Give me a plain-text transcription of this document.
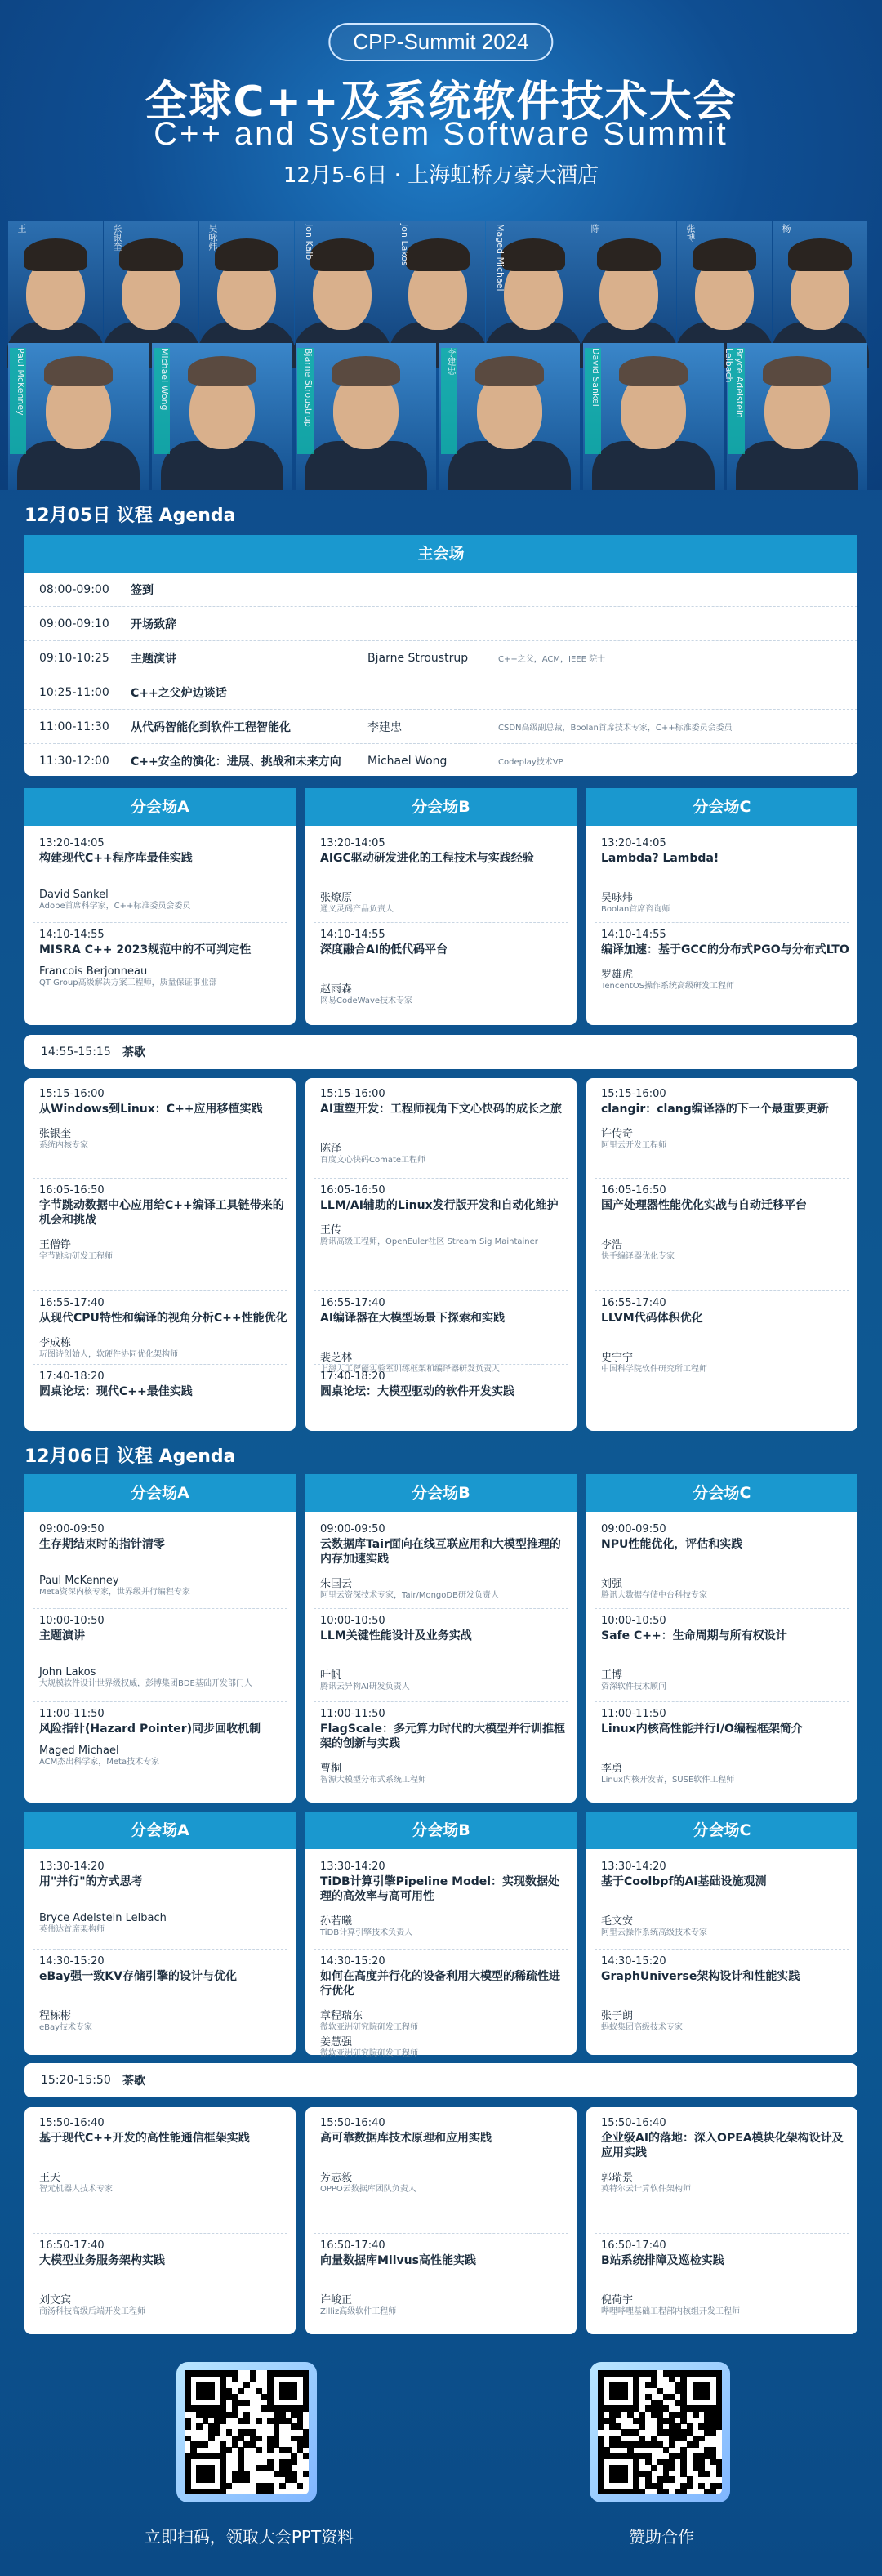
CPP-Summit 2024
全球C++及系统软件技术大会
C++ and System Software Summit
12月5-6日 · 上海虹桥万豪大酒店
王	张银奎	吴咏炜	Jon Kalb	Jon Lakos	Maged Michael	陈	张博	杨
Paul McKenney	Michael Wong	Bjarne Stroustrup	李建忠	David Sankel	Bryce Adelstein Lelbach
12月05日 议程 Agenda
主会场
08:00-09:00	签到
09:00-09:10	开场致辞
09:10-10:25	主题演讲	Bjarne Stroustrup	C++之父，ACM，IEEE 院士
10:25-11:00	C++之父炉边谈话
11:00-11:30	从代码智能化到软件工程智能化	李建忠	CSDN高级副总裁，Boolan首席技术专家，C++标准委员会委员
11:30-12:00	C++安全的演化：进展、挑战和未来方向	Michael Wong	Codeplay技术VP
分会场A
13:20-14:05
构建现代C++程序库最佳实践
David Sankel
Adobe首席科学家，C++标准委员会委员
14:10-14:55
MISRA C++ 2023规范中的不可判定性
Francois Berjonneau
QT Group高级解决方案工程师，质量保证事业部
分会场B
13:20-14:05
AIGC驱动研发进化的工程技术与实践经验
张燎原
通义灵码产品负责人
14:10-14:55
深度融合AI的低代码平台
赵雨森
网易CodeWave技术专家
分会场C
13:20-14:05
Lambda? Lambda!
吴咏炜
Boolan首席咨询师
14:10-14:55
编译加速：基于GCC的分布式PGO与分布式LTO
罗雄虎
TencentOS操作系统高级研发工程师
14:55-15:15	茶歇
15:15-16:00
从Windows到Linux：C++应用移植实践
张银奎
系统内核专家
16:05-16:50
字节跳动数据中心应用给C++编译工具链带来的机会和挑战
王僧铮
字节跳动研发工程师
16:55-17:40
从现代CPU特性和编译的视角分析C++性能优化
李成栋
玩图诗创始人，软硬件协同优化架构师
17:40-18:20
圆桌论坛：现代C++最佳实践
15:15-16:00
AI重塑开发：工程师视角下文心快码的成长之旅
陈泽
百度文心快码Comate工程师
16:05-16:50
LLM/AI辅助的Linux发行版开发和自动化维护
王传
腾讯高级工程师，OpenEuler社区 Stream Sig Maintainer
16:55-17:40
AI编译器在大模型场景下探索和实践
裴芝林
上海人工智能实验室训练框架和编译器研发负责人
17:40-18:20
圆桌论坛：大模型驱动的软件开发实践
15:15-16:00
clangir：clang编译器的下一个最重要更新
许传奇
阿里云开发工程师
16:05-16:50
国产处理器性能优化实战与自动迁移平台
李浩
快手编译器优化专家
16:55-17:40
LLVM代码体积优化
史宁宁
中国科学院软件研究所工程师
12月06日 议程 Agenda
分会场A
09:00-09:50
生存期结束时的指针清零
Paul McKenney
Meta资深内核专家，世界级并行编程专家
10:00-10:50
主题演讲
John Lakos
大规模软件设计世界级权威，彭博集团BDE基础开发部门人
11:00-11:50
风险指针(Hazard Pointer)同步回收机制
Maged Michael
ACM杰出科学家，Meta技术专家
分会场B
09:00-09:50
云数据库Tair面向在线互联应用和大模型推理的内存加速实践
朱国云
阿里云资深技术专家，Tair/MongoDB研发负责人
10:00-10:50
LLM关键性能设计及业务实战
叶帆
腾讯云异构AI研发负责人
11:00-11:50
FlagScale：多元算力时代的大模型并行训推框架的创新与实践
曹桐
智源大模型分布式系统工程师
分会场C
09:00-09:50
NPU性能优化，评估和实践
刘强
腾讯大数据存储中台科技专家
10:00-10:50
Safe C++：生命周期与所有权设计
王博
资深软件技术顾问
11:00-11:50
Linux内核高性能并行I/O编程框架简介
李勇
Linux内核开发者，SUSE软件工程师
分会场A
13:30-14:20
用"并行"的方式思考
Bryce Adelstein Lelbach
英伟达首席架构师
14:30-15:20
eBay强一致KV存储引擎的设计与优化
程栋彬
eBay技术专家
分会场B
13:30-14:20
TiDB计算引擎Pipeline Model：实现数据处理的高效率与高可用性
孙若曦
TiDB计算引擎技术负责人
14:30-15:20
如何在高度并行化的设备利用大模型的稀疏性进行优化
章程瑞东
微软亚洲研究院研发工程师
姜慧强
微软亚洲研究院研发工程师
分会场C
13:30-14:20
基于Coolbpf的AI基础设施观测
毛文安
阿里云操作系统高级技术专家
14:30-15:20
GraphUniverse架构设计和性能实践
张子朗
蚂蚁集团高级技术专家
15:20-15:50	茶歇
15:50-16:40
基于现代C++开发的高性能通信框架实践
王天
智元机器人技术专家
16:50-17:40
大模型业务服务架构实践
刘文宾
商汤科技高级后端开发工程师
15:50-16:40
高可靠数据库技术原理和应用实践
芳志毅
OPPO云数据库团队负责人
16:50-17:40
向量数据库Milvus高性能实践
许峻正
Zilliz高级软件工程师
15:50-16:40
企业级AI的落地：深入OPEA模块化架构设计及应用实践
郭瑞景
英特尔云计算软件架构师
16:50-17:40
B站系统排障及巡检实践
倪荷宇
哔哩哔哩基础工程部内核组开发工程师
立即扫码，领取大会PPT资料	赞助合作
